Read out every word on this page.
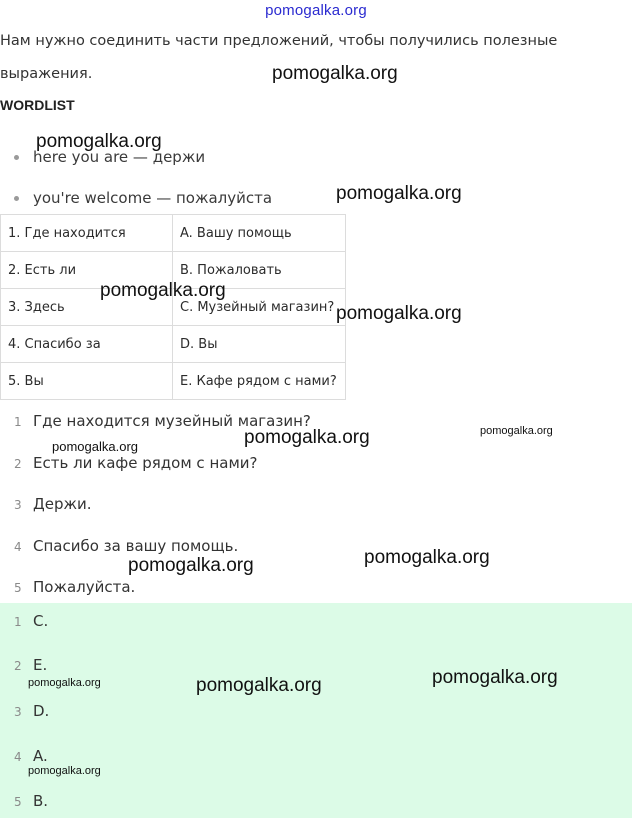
pomogalka.org
Нам нужно соединить части предложений, чтобы получились полезные
выражения.
WORDLIST
here you are — держи
you're welcome — пожалуйста
1. Где находится	A. Вашу помощь
2. Есть ли	B. Пожаловать
3. Здесь	C. Музейный магазин?
4. Спасибо за	D. Вы
5. Вы	E. Кафе рядом с нами?
1 Где находится музейный магазин?
2 Есть ли кафе рядом с нами?
3 Держи.
4 Спасибо за вашу помощь.
5 Пожалуйста.
1 C.
2 E.
3 D.
4 A.
5 B.
pomogalka.org
pomogalka.org
pomogalka.org
pomogalka.org
pomogalka.org
pomogalka.org
pomogalka.org
pomogalka.org
pomogalka.org
pomogalka.org
pomogalka.org
pomogalka.org
pomogalka.org
pomogalka.org
